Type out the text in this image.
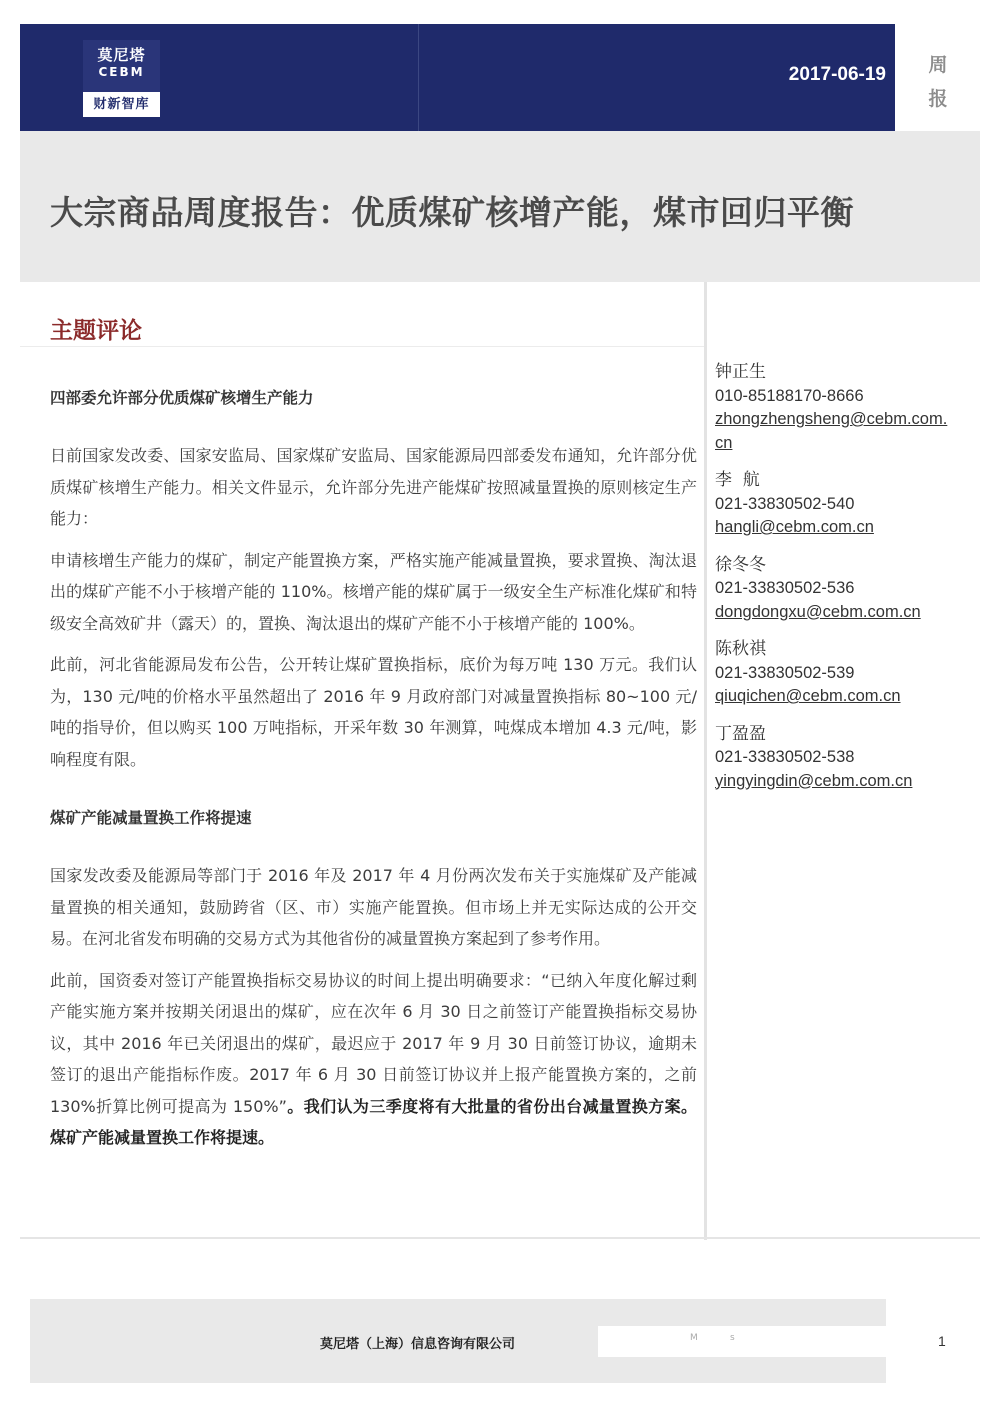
莫尼塔
CEBM
财新智库
2017-06-19 周
报
大宗商品周度报告：优质煤矿核增产能，煤市回归平衡
主题评论

四部委允许部分优质煤矿核增生产能力

日前国家发改委、国家安监局、国家煤矿安监局、国家能源局四部委发布通知，允许部分优质煤矿核增生产能力。相关文件显示，允许部分先进产能煤矿按照减量置换的原则核定生产能力：

申请核增生产能力的煤矿，制定产能置换方案，严格实施产能减量置换，要求置换、淘汰退出的煤矿产能不小于核增产能的 110%。核增产能的煤矿属于一级安全生产标准化煤矿和特级安全高效矿井（露天）的，置换、淘汰退出的煤矿产能不小于核增产能的 100%。

此前，河北省能源局发布公告，公开转让煤矿置换指标，底价为每万吨 130 万元。我们认为，130 元/吨的价格水平虽然超出了 2016 年 9 月政府部门对减量置换指标 80~100 元/吨的指导价，但以购买 100 万吨指标，开采年数 30 年测算，吨煤成本增加 4.3 元/吨，影响程度有限。

煤矿产能减量置换工作将提速

国家发改委及能源局等部门于 2016 年及 2017 年 4 月份两次发布关于实施煤矿及产能减量置换的相关通知，鼓励跨省（区、市）实施产能置换。但市场上并无实际达成的公开交易。在河北省发布明确的交易方式为其他省份的减量置换方案起到了参考作用。

此前，国资委对签订产能置换指标交易协议的时间上提出明确要求：“已纳入年度化解过剩产能实施方案并按期关闭退出的煤矿，应在次年 6 月 30 日之前签订产能置换指标交易协议，其中 2016 年已关闭退出的煤矿，最迟应于 2017 年 9 月 30 日前签订协议，逾期未签订的退出产能指标作废。2017 年 6 月 30 日前签订协议并上报产能置换方案的，之前 130%折算比例可提高为 150%”。我们认为三季度将有大批量的省份出台减量置换方案。煤矿产能减量置换工作将提速。

钟正生
010-85188170-8666
zhongzhengsheng@cebm.com.cn
李  航
021-33830502-540
hangli@cebm.com.cn
徐冬冬
021-33830502-536
dongdongxu@cebm.com.cn
陈秋祺
021-33830502-539
qiuqichen@cebm.com.cn
丁盈盈
021-33830502-538
yingyingdin@cebm.com.cn
莫尼塔（上海）信息咨询有限公司	M	s	1
